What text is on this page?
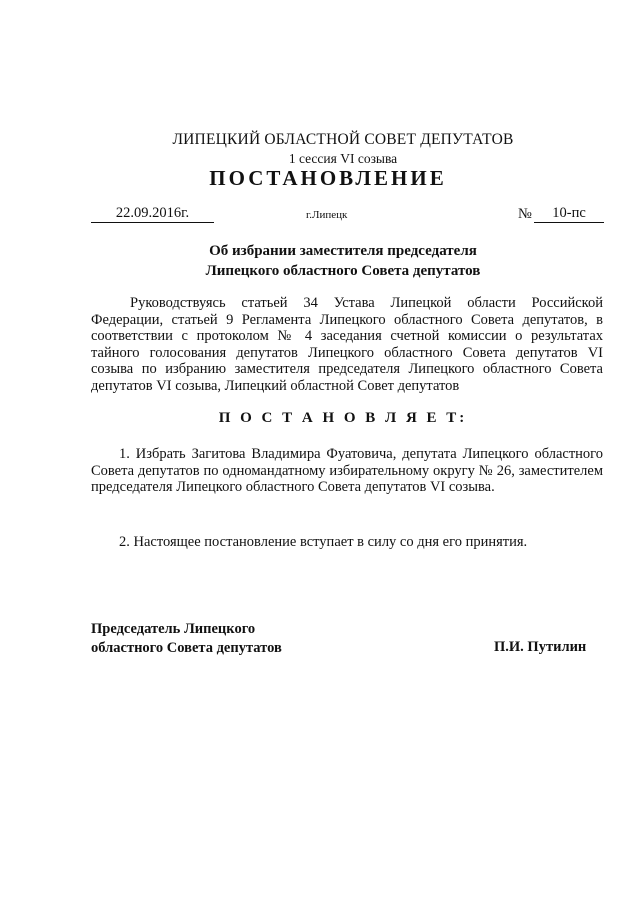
ЛИПЕЦКИЙ ОБЛАСТНОЙ СОВЕТ ДЕПУТАТОВ
1 сессия VI созыва
ПОСТАНОВЛЕНИЕ
22.09.2016г.	г.Липецк	№	10-пс
Об избрании заместителя председателя
Липецкого областного Совета депутатов
Руководствуясь статьей 34 Устава Липецкой области Российской Федерации, статьей 9 Регламента Липецкого областного Совета депутатов, в соответствии с протоколом № 4 заседания счетной комиссии о результатах тайного голосования депутатов Липецкого областного Совета депутатов VI созыва по избранию заместителя председателя Липецкого областного Совета депутатов VI созыва, Липецкий областной Совет депутатов
П О С Т А Н О В Л Я Е Т:
1. Избрать Загитова Владимира Фуатовича, депутата Липецкого областного Совета депутатов по одномандатному избирательному округу № 26, заместителем председателя Липецкого областного Совета депутатов VI созыва.
2. Настоящее постановление вступает в силу со дня его принятия.
Председатель Липецкого
областного Совета депутатов	П.И. Путилин
